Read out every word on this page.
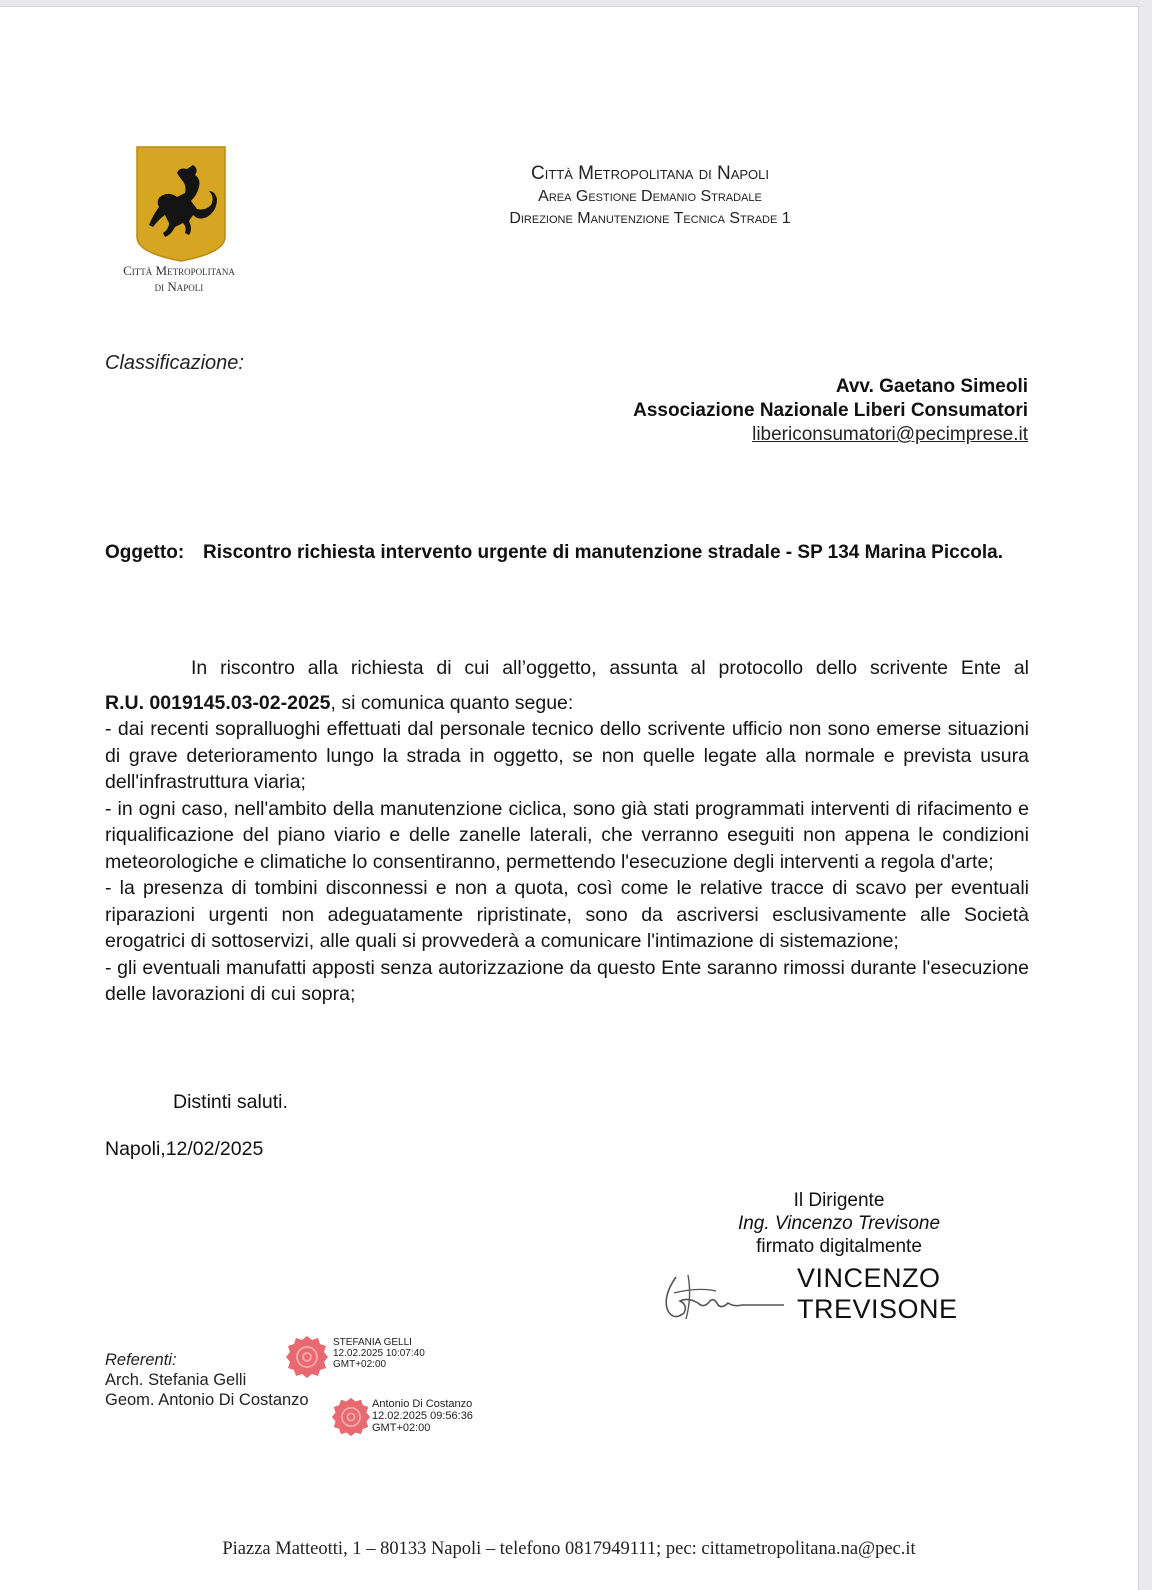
Città Metropolitana
di Napoli
Città Metropolitana di Napoli
Area Gestione Demanio Stradale
Direzione Manutenzione Tecnica Strade 1
Classificazione:
Avv. Gaetano Simeoli
Associazione Nazionale Liberi Consumatori
libericonsumatori@pecimprese.it
Oggetto: Riscontro richiesta intervento urgente di manutenzione stradale - SP 134 Marina Piccola.

In riscontro alla richiesta di cui all’oggetto, assunta al protocollo dello scrivente Ente al

R.U. 0019145.03-02-2025, si comunica quanto segue:

- dai recenti sopralluoghi effettuati dal personale tecnico dello scrivente ufficio non sono emerse situazioni di grave deterioramento lungo la strada in oggetto, se non quelle legate alla normale e prevista usura dell'infrastruttura viaria;

- in ogni caso, nell'ambito della manutenzione ciclica, sono già stati programmati interventi di rifacimento e riqualificazione del piano viario e delle zanelle laterali, che verranno eseguiti non appena le condizioni meteorologiche e climatiche lo consentiranno, permettendo l'esecuzione degli interventi a regola d'arte;

- la presenza di tombini disconnessi e non a quota, così come le relative tracce di scavo per eventuali riparazioni urgenti non adeguatamente ripristinate, sono da ascriversi esclusivamente alle Società erogatrici di sottoservizi, alle quali si provvederà a comunicare l'intimazione di sistemazione;

- gli eventuali manufatti apposti senza autorizzazione da questo Ente saranno rimossi durante l'esecuzione delle lavorazioni di cui sopra;

Distinti saluti.
Napoli,12/02/2025
Il Dirigente
Ing. Vincenzo Trevisone
firmato digitalmente
VINCENZO
TREVISONE
Referenti:
Arch. Stefania Gelli
Geom. Antonio Di Costanzo
STEFANIA GELLI
12.02.2025 10:07:40
GMT+02:00
Antonio Di Costanzo
12.02.2025 09:56:36
GMT+02:00
Piazza Matteotti, 1 – 80133 Napoli – telefono 0817949111; pec: cittametropolitana.na@pec.it
